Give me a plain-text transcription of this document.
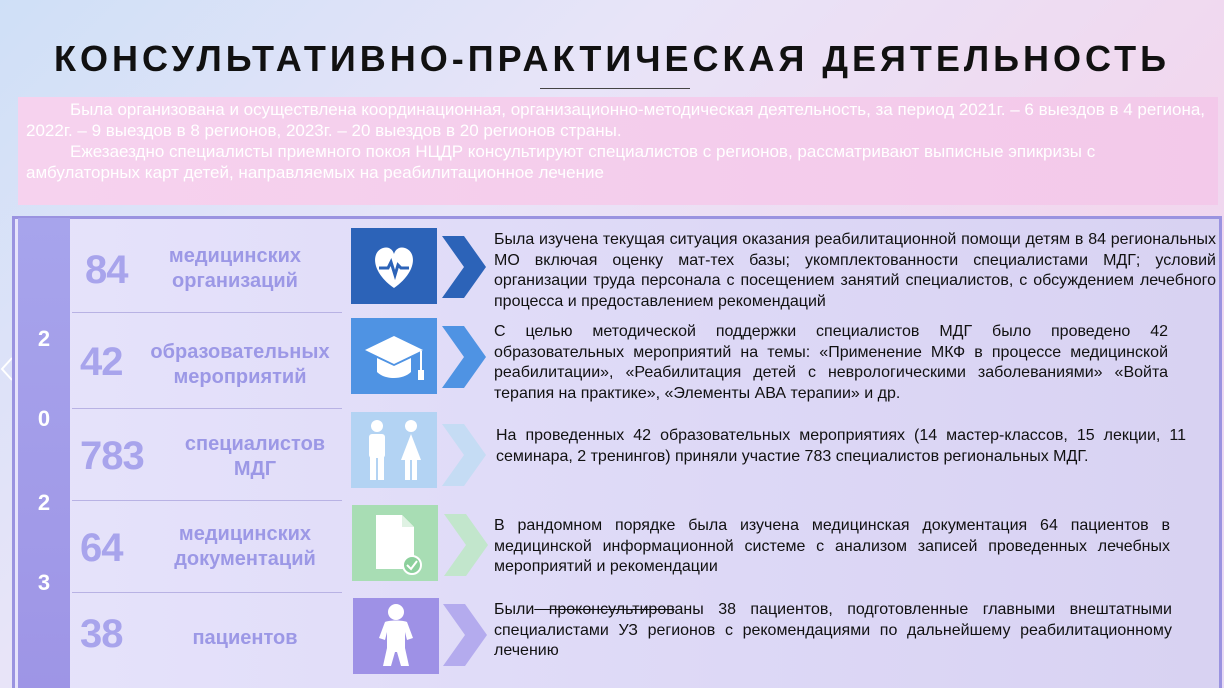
КОНСУЛЬТАТИВНО-ПРАКТИЧЕСКАЯ ДЕЯТЕЛЬНОСТЬ

Была организована и осуществлена координационная, организационно-методическая деятельность, за период 2021г. – 6 выездов в 4 региона, 2022г. – 9 выездов в 8 регионов, 2023г. – 20 выездов в 20 регионов страны.

Ежезаездно специалисты приемного покоя НЦДР консультируют специалистов с регионов, рассматривают выписные эпикризы с амбулаторных карт детей, направляемых на реабилитационное лечение

2
0
2
3
84	медицинских
организаций
Была изучена текущая ситуация оказания реабилитационной помощи детям в 84 региональных МО включая оценку мат-тех базы; укомплектованности специалистами МДГ; условий организации труда персонала с посещением занятий специалистов, с обсуждением лечебного процесса и предоставлением рекомендаций
42	образовательных
мероприятий
С целью методической поддержки специалистов МДГ было проведено 42 образовательных мероприятий на темы: «Применение МКФ в процессе медицинской реабилитации», «Реабилитация детей с неврологическими заболеваниями» «Войта терапия на практике», «Элементы АВА терапии» и др.
783	специалистов
МДГ
На проведенных 42 образовательных мероприятиях (14 мастер-классов, 15 лекции, 11 семинара, 2 тренингов) приняли участие 783 специалистов региональных МДГ.
64	медицинских
документаций
В рандомном порядке была изучена медицинская документация 64 пациентов в медицинской информационной системе с анализом записей проведенных лечебных мероприятий и рекомендации
38	пациентов
Были проконсультированы 38 пациентов, подготовленные главными внештатными специалистами УЗ регионов с рекомендациями по дальнейшему реабилитационному лечению
